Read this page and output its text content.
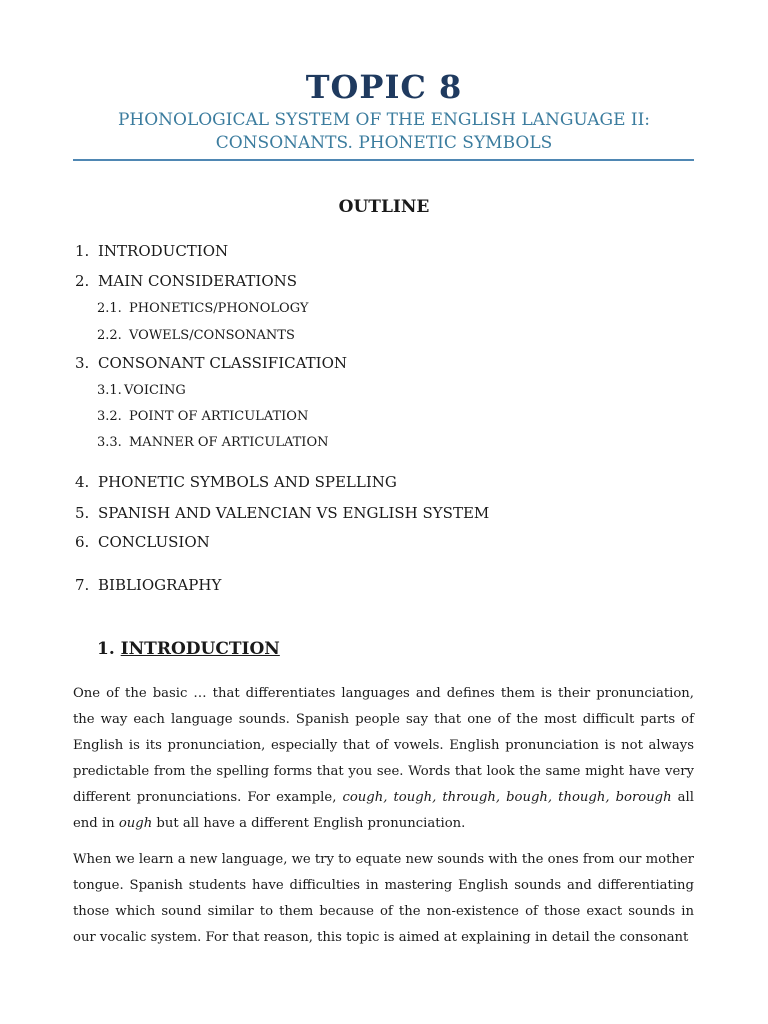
TOPIC 8
PHONOLOGICAL SYSTEM OF THE ENGLISH LANGUAGE II:
CONSONANTS. PHONETIC SYMBOLS
OUTLINE
1. INTRODUCTION
2. MAIN CONSIDERATIONS
2.1. PHONETICS/PHONOLOGY
2.2. VOWELS/CONSONANTS
3. CONSONANT CLASSIFICATION
3.1. VOICING
3.2. POINT OF ARTICULATION
3.3. MANNER OF ARTICULATION
4. PHONETIC SYMBOLS AND SPELLING
5. SPANISH AND VALENCIAN VS ENGLISH SYSTEM
6. CONCLUSION
7. BIBLIOGRAPHY
1. INTRODUCTION

One of the basic … that differentiates languages and defines them is their pronunciation, the way each language sounds. Spanish people say that one of the most difficult parts of English is its pronunciation, especially that of vowels. English pronunciation is not always predictable from the spelling forms that you see. Words that look the same might have very different pronunciations. For example, cough, tough, through, bough, though, borough all end in ough but all have a different English pronunciation.

When we learn a new language, we try to equate new sounds with the ones from our mother tongue. Spanish students have difficulties in mastering English sounds and differentiating those which sound similar to them because of the non-existence of those exact sounds in our vocalic system. For that reason, this topic is aimed at explaining in detail the consonant
